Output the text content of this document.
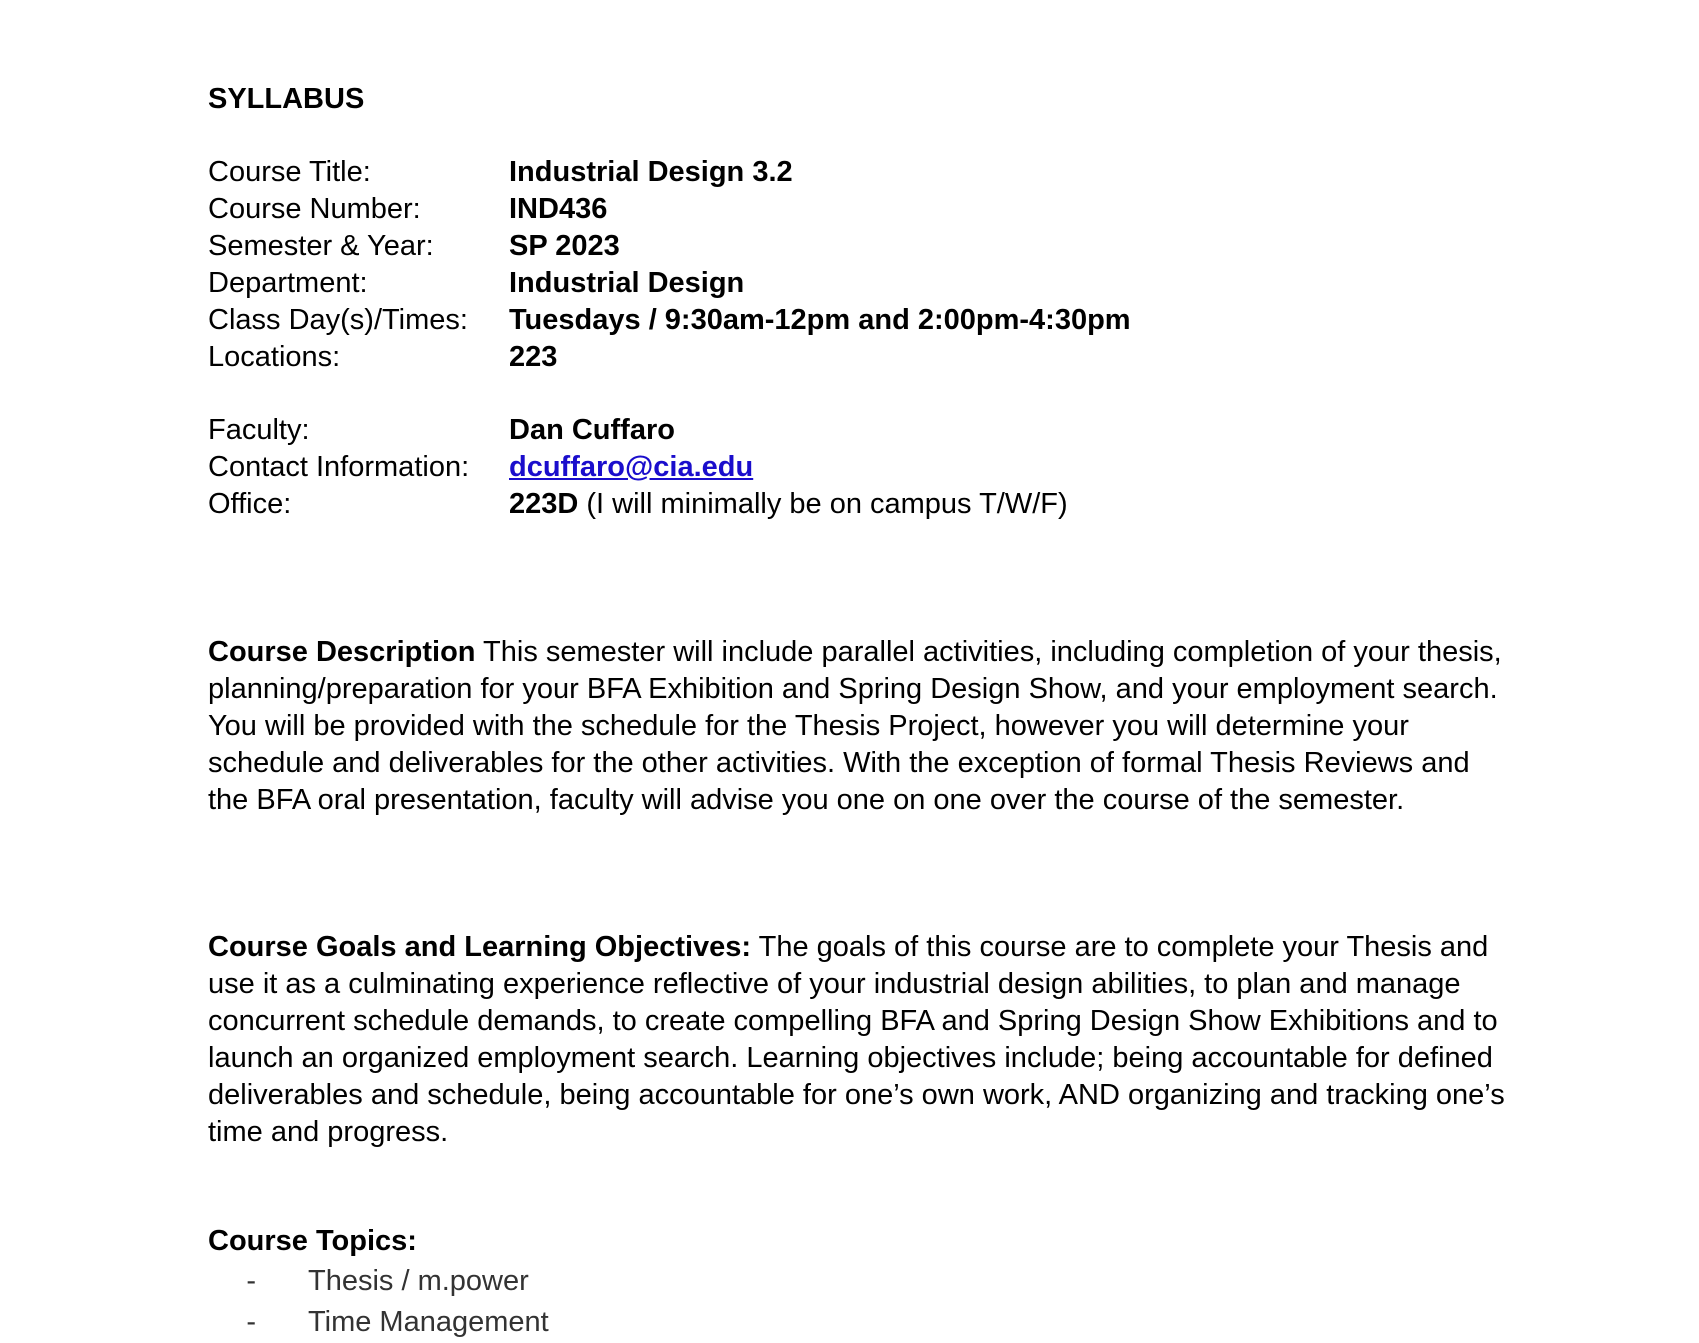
SYLLABUS
Course Title:	Industrial Design 3.2
Course Number:	IND436
Semester & Year:	SP 2023
Department:	Industrial Design
Class Day(s)/Times:	Tuesdays / 9:30am-12pm and 2:00pm-4:30pm
Locations:	223
Faculty:	Dan Cuffaro
Contact Information:	dcuffaro@cia.edu
Office:	223D (I will minimally be on campus T/W/F)
Course Description This semester will include parallel activities, including completion of your thesis, planning/preparation for your BFA Exhibition and Spring Design Show, and your employment search. You will be provided with the schedule for the Thesis Project, however you will determine your schedule and deliverables for the other activities. With the exception of formal Thesis Reviews and the BFA oral presentation, faculty will advise you one on one over the course of the semester.
Course Goals and Learning Objectives: The goals of this course are to complete your Thesis and use it as a culminating experience reflective of your industrial design abilities, to plan and manage concurrent schedule demands, to create compelling BFA and Spring Design Show Exhibitions and to launch an organized employment search. Learning objectives include; being accountable for defined deliverables and schedule, being accountable for one’s own work, AND organizing and tracking one’s time and progress.
Course Topics:
-	Thesis / m.power
-	Time Management
